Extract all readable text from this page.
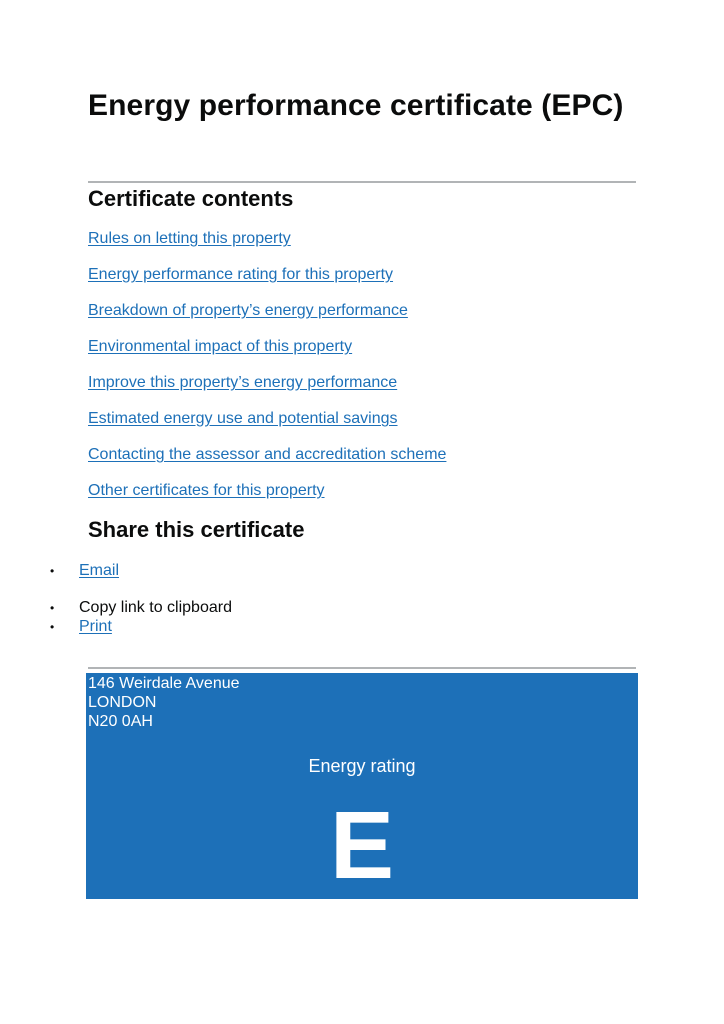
Energy performance certificate (EPC)
Certificate contents
Rules on letting this property
Energy performance rating for this property
Breakdown of property’s energy performance
Environmental impact of this property
Improve this property’s energy performance
Estimated energy use and potential savings
Contacting the assessor and accreditation scheme
Other certificates for this property
Share this certificate
• Email
• Copy link to clipboard
• Print
146 Weirdale Avenue
LONDON
N20 0AH
Energy rating
E
